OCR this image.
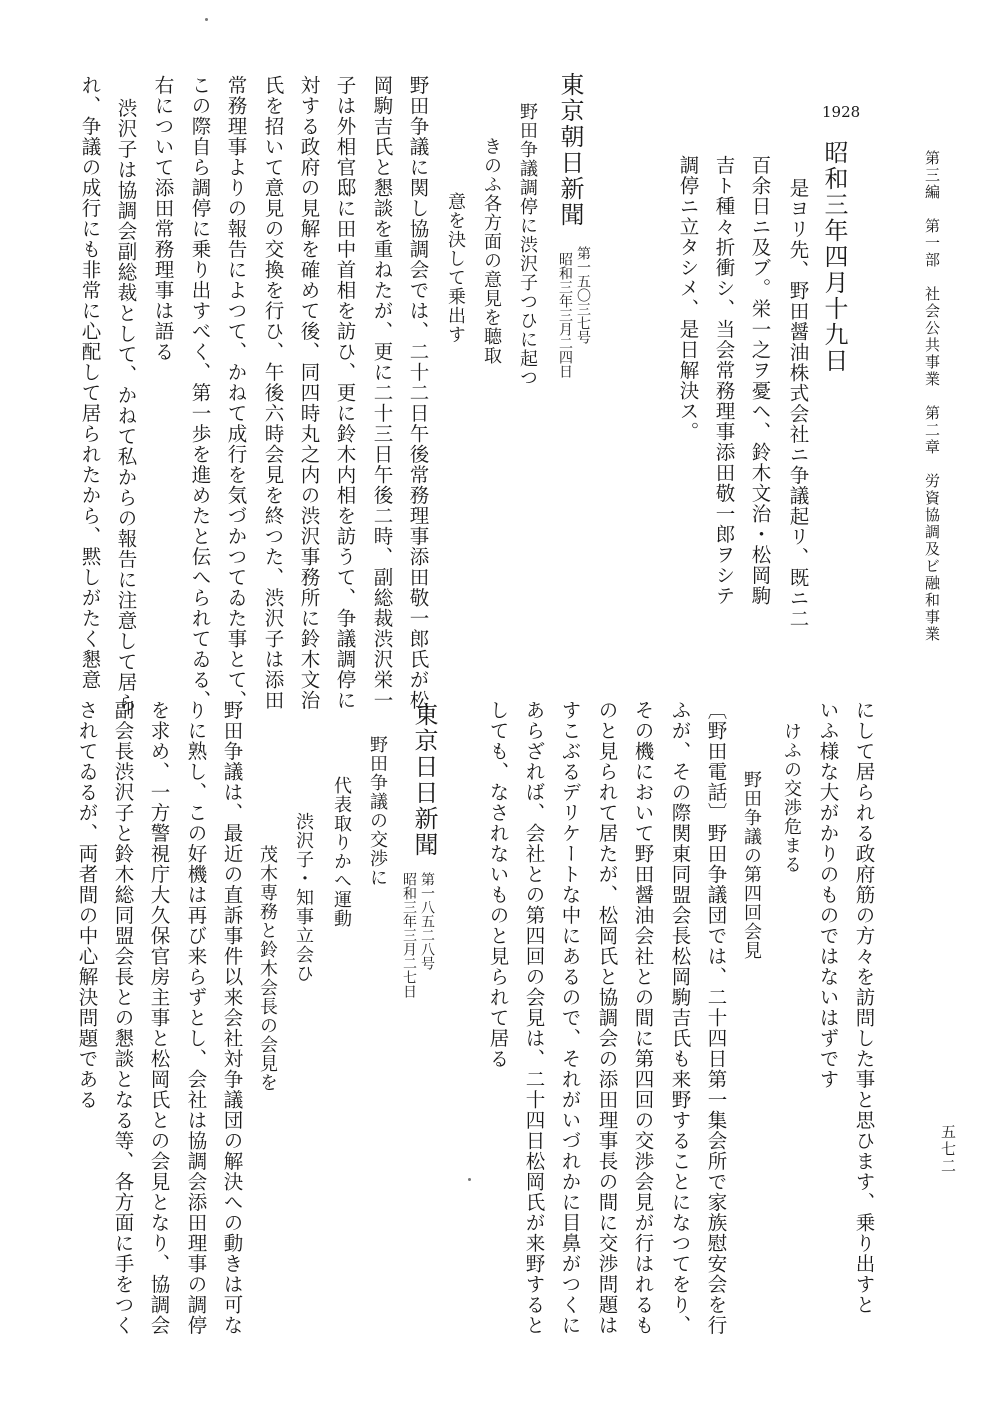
第三編　第一部　社会公共事業　第二章　労資協調及ビ融和事業
五七二
1928
昭和三年四月十九日
是ヨリ先、野田醤油株式会社ニ争議起リ、既ニ二
百余日ニ及ブ。栄一之ヲ憂ヘ、鈴木文治・松岡駒
吉ト種々折衝シ、当会常務理事添田敬一郎ヲシテ
調停ニ立タシメ、是日解決ス。
東京朝日新聞
第一五〇三七号
昭和三年三月二四日
野田争議調停に渋沢子つひに起つ
きのふ各方面の意見を聴取
意を決して乗出す
野田争議に関し協調会では、二十二日午後常務理事添田敬一郎氏が松
岡駒吉氏と懇談を重ねたが、更に二十三日午後二時、副総裁渋沢栄一
子は外相官邸に田中首相を訪ひ、更に鈴木内相を訪うて、争議調停に
対する政府の見解を確めて後、同四時丸之内の渋沢事務所に鈴木文治
氏を招いて意見の交換を行ひ、午後六時会見を終つた、渋沢子は添田
常務理事よりの報告によつて、かねて成行を気づかつてゐた事とて、
この際自ら調停に乗り出すべく、第一歩を進めたと伝へられてゐる、
右について添田常務理事は語る
渋沢子は協調会副総裁として、かねて私からの報告に注意して居ら
れ、争議の成行にも非常に心配して居られたから、黙しがたく懇意
にして居られる政府筋の方々を訪問した事と思ひます、乗り出すと
いふ様な大がかりのものではないはずです
けふの交渉危まる
野田争議の第四回会見
〔野田電話〕野田争議団では、二十四日第一集会所で家族慰安会を行
ふが、その際関東同盟会長松岡駒吉氏も来野することになつてをり、
その機において野田醤油会社との間に第四回の交渉会見が行はれるも
のと見られて居たが、松岡氏と協調会の添田理事長の間に交渉問題は
すこぶるデリケートな中にあるので、それがいづれかに目鼻がつくに
あらざれば、会社との第四回の会見は、二十四日松岡氏が来野すると
しても、なされないものと見られて居る
東京日日新聞
第一八五二八号
昭和三年三月二七日
野田争議の交渉に
代表取りかへ運動
渋沢子・知事立会ひ
茂木専務と鈴木会長の会見を
野田争議は、最近の直訴事件以来会社対争議団の解決への動きは可な
りに熟し、この好機は再び来らずとし、会社は協調会添田理事の調停
を求め、一方警視庁大久保官房主事と松岡氏との会見となり、協調会
副会長渋沢子と鈴木総同盟会長との懇談となる等、各方面に手をつく
されてゐるが、両者間の中心解決問題である
